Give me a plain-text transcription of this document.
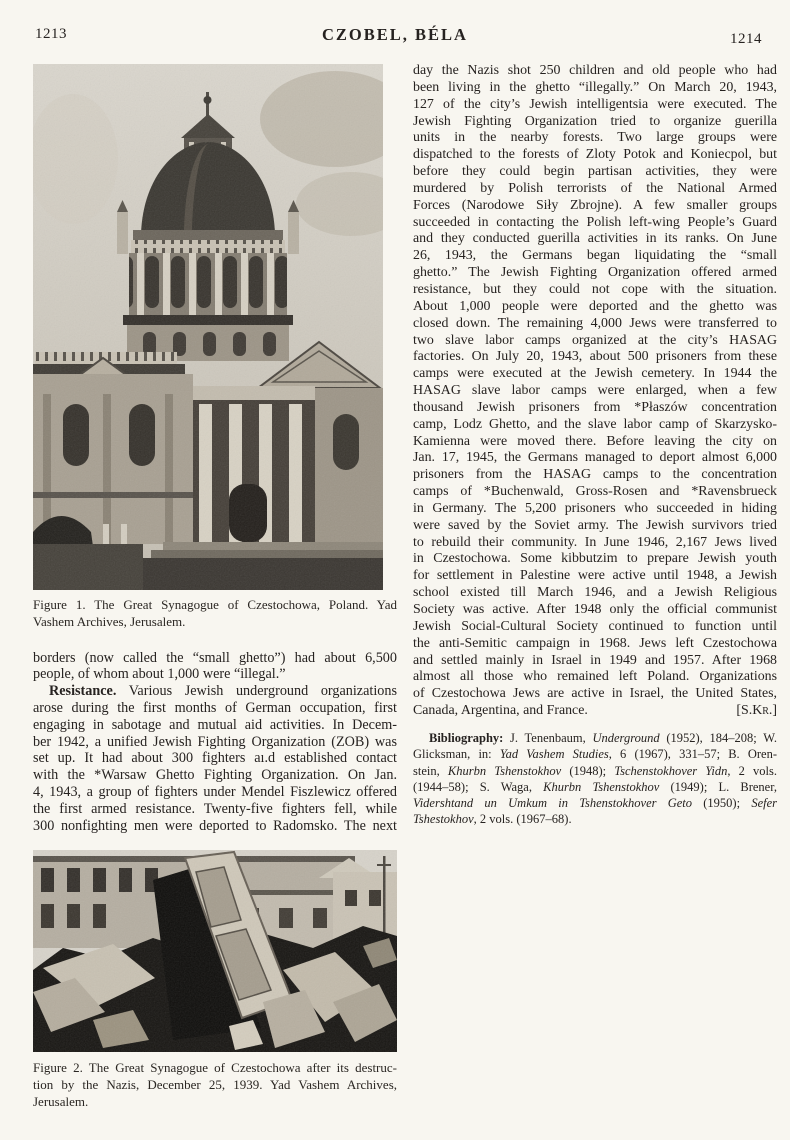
1213	CZOBEL, BÉLA	1214
Figure 1. The Great Synagogue of Czestochowa, Poland. Yad
Vashem Archives, Jerusalem.
borders (now called the “small ghetto”) had about 6,500
people, of whom about 1,000 were “illegal.”
Resistance. Various Jewish underground organizations
arose during the first months of German occupation, first
engaging in sabotage and mutual aid activities. In Decem-
ber 1942, a unified Jewish Fighting Organization (ZOB) was
set up. It had about 300 fighters aı.d established contact
with the *Warsaw Ghetto Fighting Organization. On Jan.
4, 1943, a group of fighters under Mendel Fiszlewicz offered
the first armed resistance. Twenty-five fighters fell, while
300 nonfighting men were deported to Radomsko. The next
Figure 2. The Great Synagogue of Czestochowa after its destruc-
tion by the Nazis, December 25, 1939. Yad Vashem Archives,
Jerusalem.
day the Nazis shot 250 children and old people who had
been living in the ghetto “illegally.” On March 20, 1943,
127 of the city’s Jewish intelligentsia were executed. The
Jewish Fighting Organization tried to organize guerilla
units in the nearby forests. Two large groups were
dispatched to the forests of Zloty Potok and Koniecpol, but
before they could begin partisan activities, they were
murdered by Polish terrorists of the National Armed
Forces (Narodowe Siły Zbrojne). A few smaller groups
succeeded in contacting the Polish left-wing People’s Guard
and they conducted guerilla activities in its ranks. On June
26, 1943, the Germans began liquidating the “small
ghetto.” The Jewish Fighting Organization offered armed
resistance, but they could not cope with the situation.
About 1,000 people were deported and the ghetto was
closed down. The remaining 4,000 Jews were transferred to
two slave labor camps organized at the city’s HASAG
factories. On July 20, 1943, about 500 prisoners from these
camps were executed at the Jewish cemetery. In 1944 the
HASAG slave labor camps were enlarged, when a few
thousand Jewish prisoners from *Płaszów concentration
camp, Lodz Ghetto, and the slave labor camp of Skarzysko-
Kamienna were moved there. Before leaving the city on
Jan. 17, 1945, the Germans managed to deport almost 6,000
prisoners from the HASAG camps to the concentration
camps of *Buchenwald, Gross-Rosen and *Ravensbrueck
in Germany. The 5,200 prisoners who succeeded in hiding
were saved by the Soviet army. The Jewish survivors tried
to rebuild their community. In June 1946, 2,167 Jews lived
in Czestochowa. Some kibbutzim to prepare Jewish youth
for settlement in Palestine were active until 1948, a Jewish
school existed till March 1946, and a Jewish Religious
Society was active. After 1948 only the official communist
Jewish Social-Cultural Society continued to function until
the anti-Semitic campaign in 1968. Jews left Czestochowa
and settled mainly in Israel in 1949 and 1957. After 1968
almost all those who remained left Poland. Organizations
of Czestochowa Jews are active in Israel, the United States,
Canada, Argentina, and France.	[S.Kr.]
Bibliography: J. Tenenbaum, Underground (1952), 184–208; W.
Glicksman, in: Yad Vashem Studies, 6 (1967), 331–57; B. Oren-
stein, Khurbn Tshenstokhov (1948); Tschenstokhover Yidn, 2 vols.
(1944–58); S. Waga, Khurbn Tshenstokhov (1949); L. Brener,
Vidershtand un Umkum in Tshenstokhover Geto (1950); Sefer
Tshestokhov, 2 vols. (1967–68).
